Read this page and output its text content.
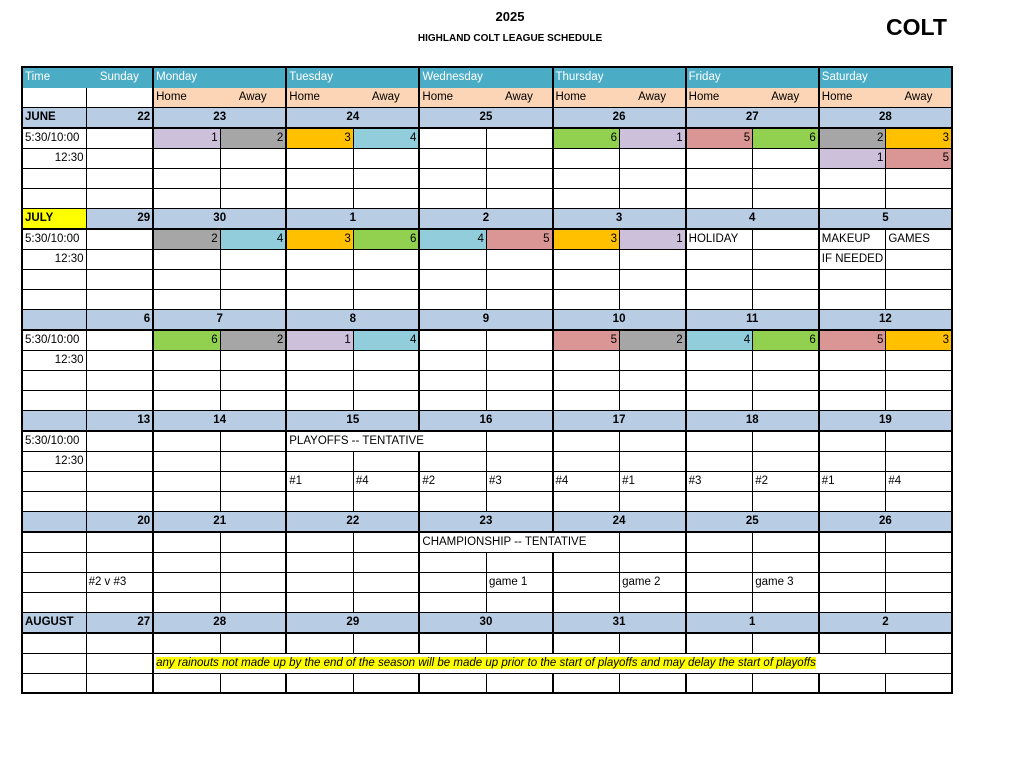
2025
HIGHLAND COLT LEAGUE SCHEDULE	COLT
Time	Sunday	Monday		Tuesday		Wednesday		Thursday		Friday		Saturday	
		Home	Away	Home	Away	Home	Away	Home	Away	Home	Away	Home	Away
JUNE	22	23		24		25		26		27		28	
5:30/10:00		1	2	3	4			6	1	5	6	2	3
12:30												1	5

JULY	29	30		1		2		3		4		5	
5:30/10:00		2	4	3	6	4	5	3	1	HOLIDAY		MAKEUP	GAMES
12:30												IF NEEDED	

	6	7		8		9		10		11		12	
5:30/10:00		6	2	1	4			5	2	4	6	5	3
12:30													

	13	14		15		16		17		18		19	
5:30/10:00				PLAYOFFS -- TENTATIVE									
12:30													
				#1	#4	#2	#3	#4	#1	#3	#2	#1	#4

	20	21		22		23		24		25		26	
						CHAMPIONSHIP -- TENTATIVE							

	#2 v #3						game 1		game 2		game 3		

AUGUST	27	28		29		30		31		1		2	

		any rainouts not made up by the end of the season will be made up prior to the start of playoffs and may delay the start of playoffs											
